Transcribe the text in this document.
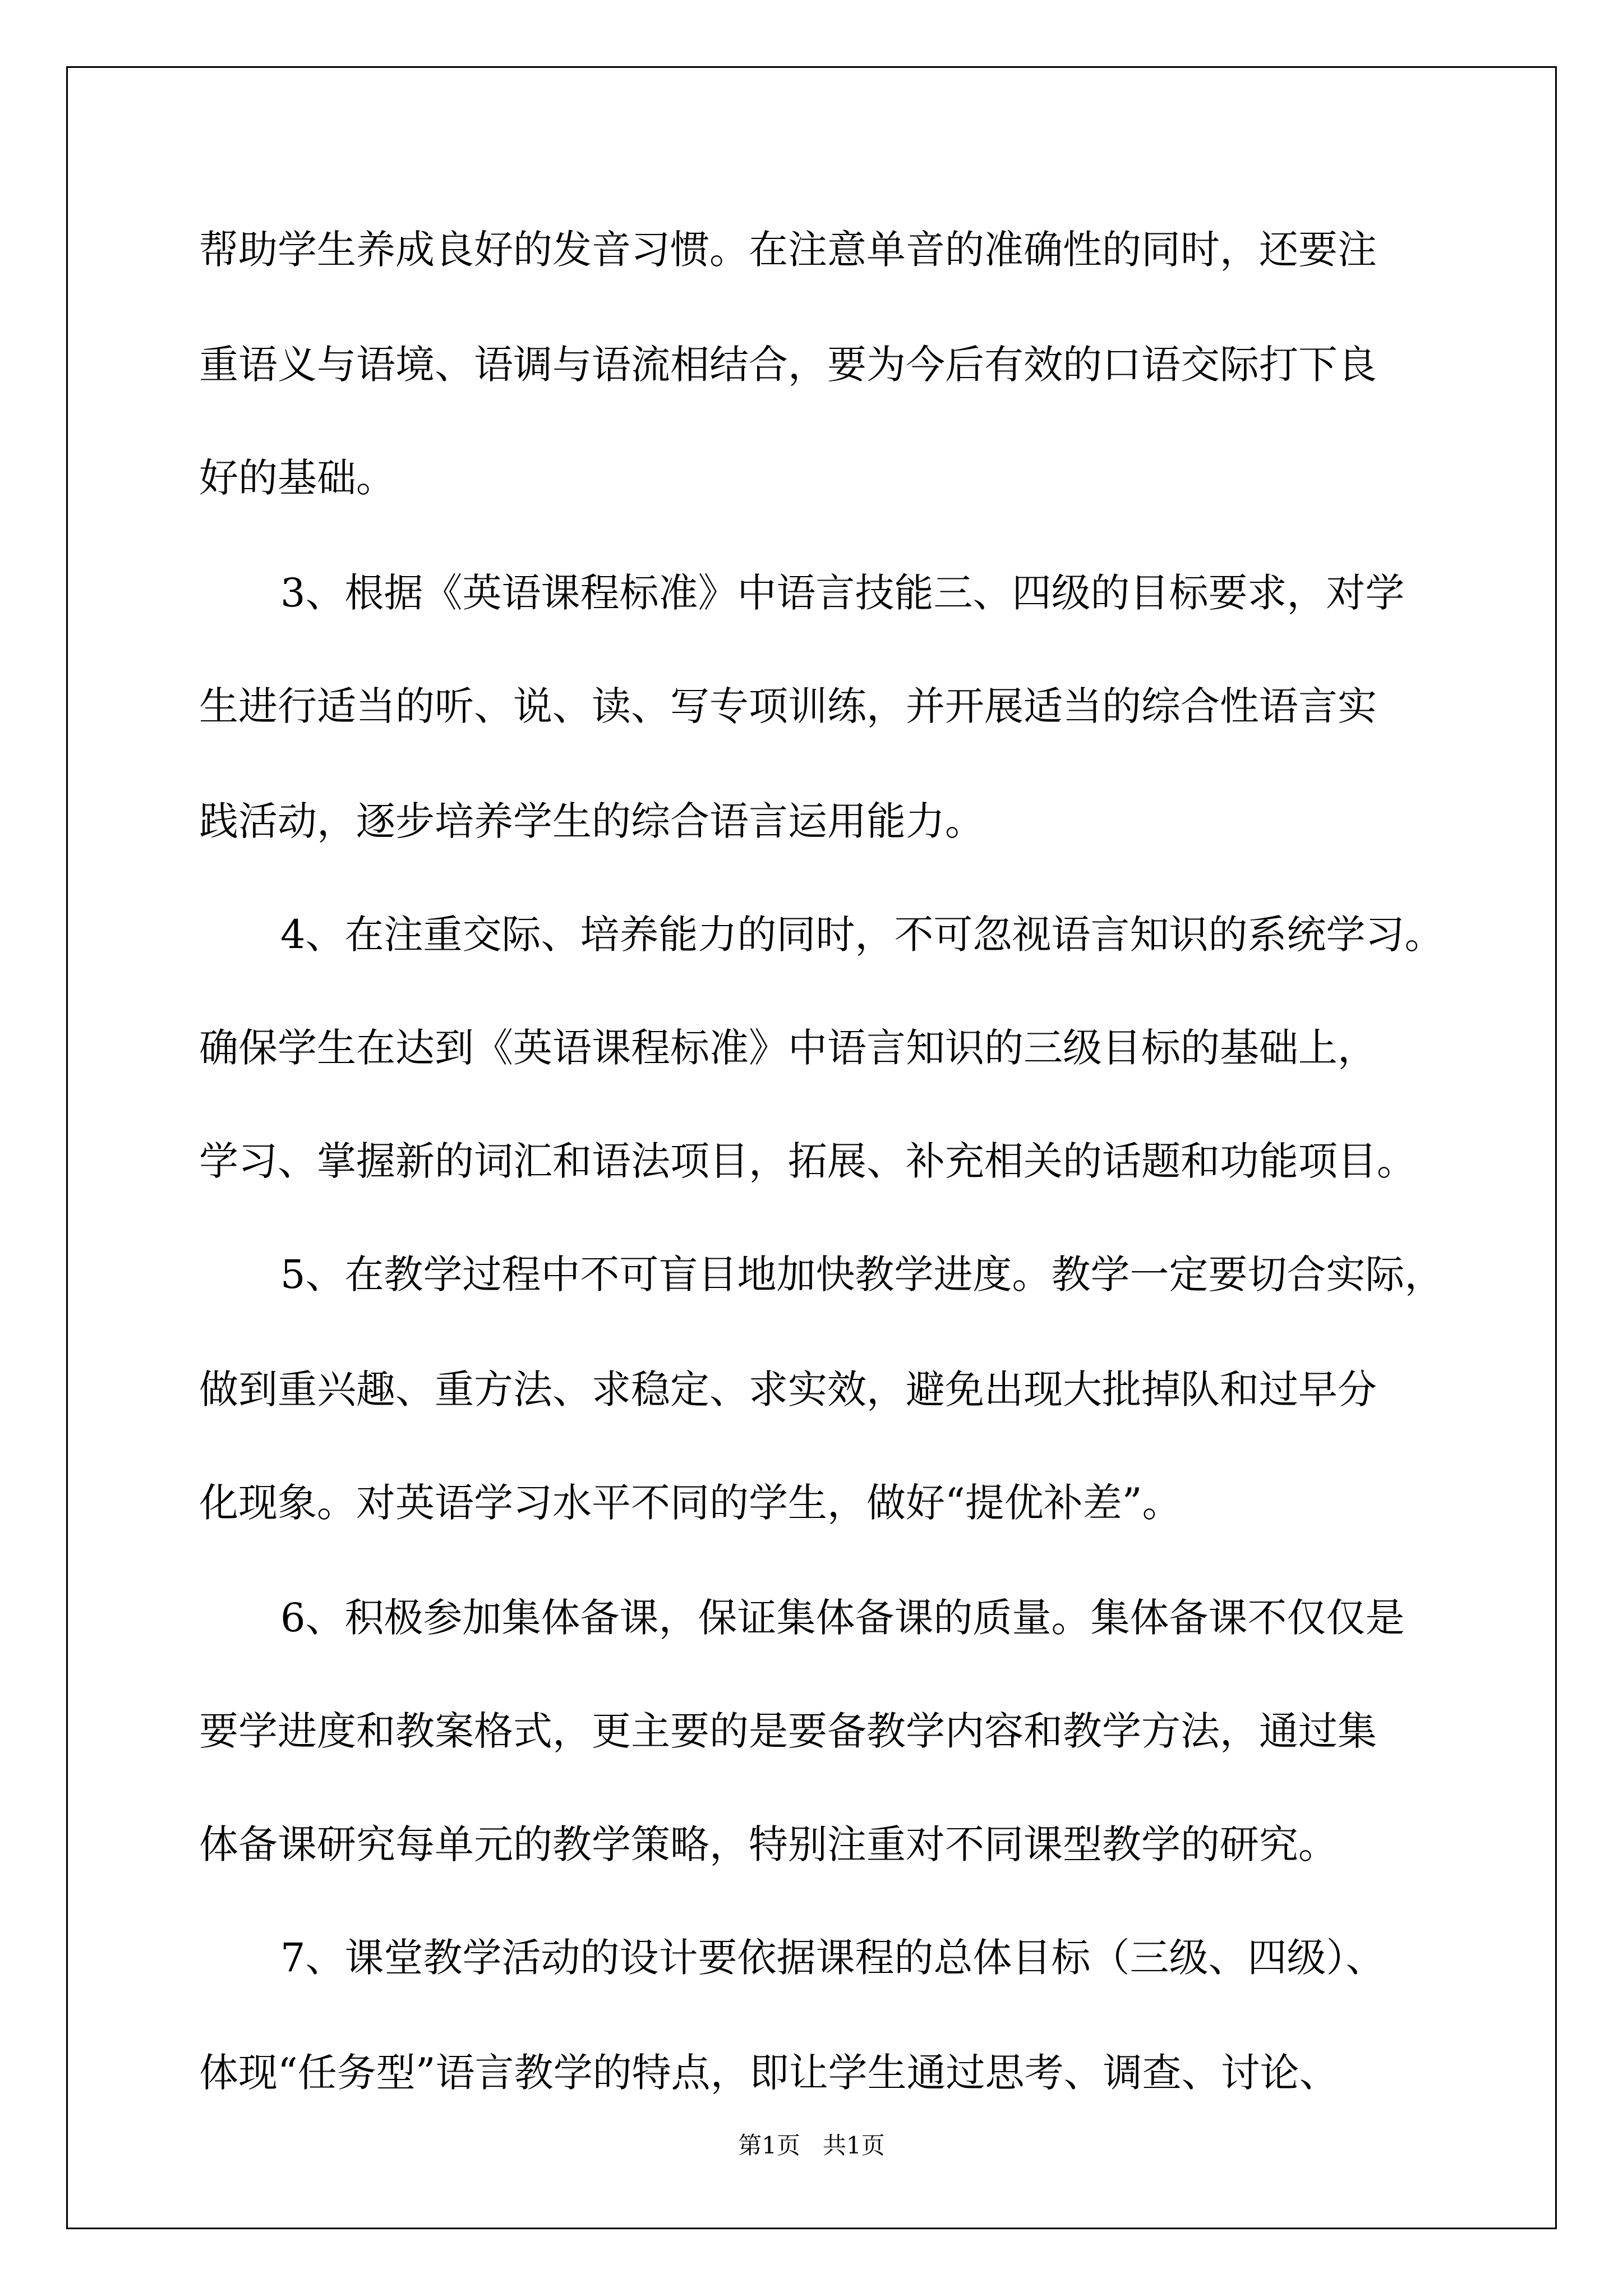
帮助学生养成良好的发音习惯。在注意单音的准确性的同时，还要注
重语义与语境、语调与语流相结合，要为今后有效的口语交际打下良
好的基础。
3、根据《英语课程标准》中语言技能三、四级的目标要求，对学
生进行适当的听、说、读、写专项训练，并开展适当的综合性语言实
践活动，逐步培养学生的综合语言运用能力。
4、在注重交际、培养能力的同时，不可忽视语言知识的系统学习。
确保学生在达到《英语课程标准》中语言知识的三级目标的基础上，
学习、掌握新的词汇和语法项目，拓展、补充相关的话题和功能项目。
5、在教学过程中不可盲目地加快教学进度。教学一定要切合实际，
做到重兴趣、重方法、求稳定、求实效，避免出现大批掉队和过早分
化现象。对英语学习水平不同的学生，做好“提优补差”。
6、积极参加集体备课，保证集体备课的质量。集体备课不仅仅是
要学进度和教案格式，更主要的是要备教学内容和教学方法，通过集
体备课研究每单元的教学策略，特别注重对不同课型教学的研究。
7、课堂教学活动的设计要依据课程的总体目标（三级、四级）、
体现“任务型”语言教学的特点，即让学生通过思考、调查、讨论、
第1页   共1页
